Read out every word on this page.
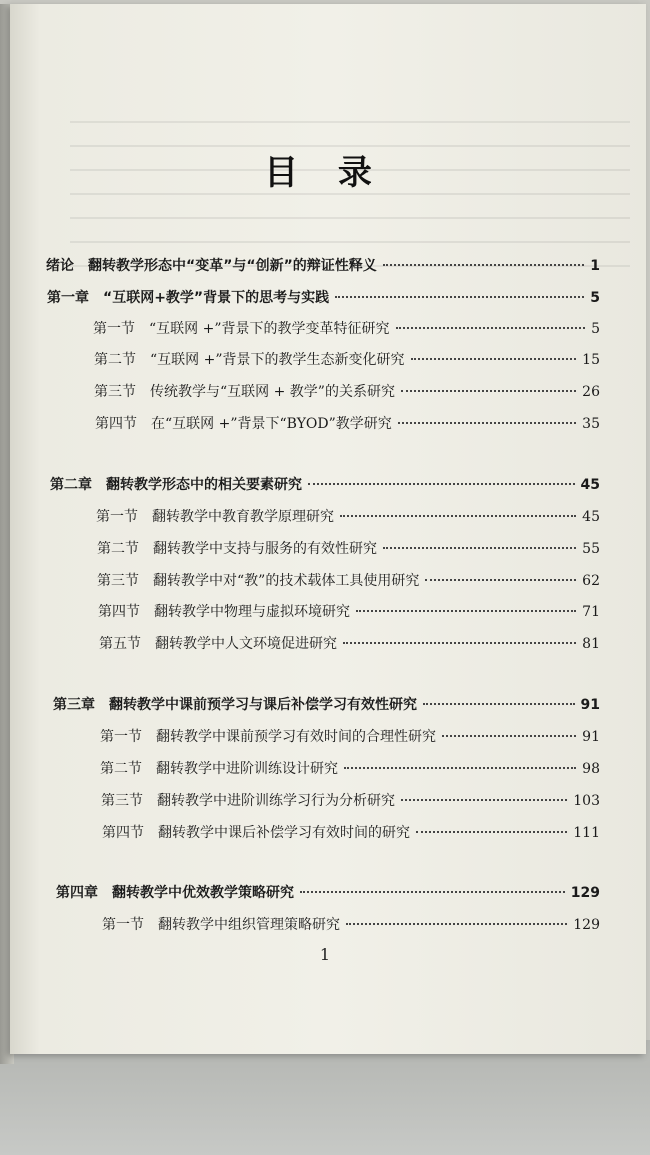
目 录
绪论　翻转教学形态中“变革”与“创新”的辩证性释义	1
第一章　“互联网+教学”背景下的思考与实践	5
第一节　“互联网 +”背景下的教学变革特征研究	5
第二节　“互联网 +”背景下的教学生态新变化研究	15
第三节　传统教学与“互联网 + 教学”的关系研究	26
第四节　在“互联网 +”背景下“BYOD”教学研究	35
第二章　翻转教学形态中的相关要素研究	45
第一节　翻转教学中教育教学原理研究	45
第二节　翻转教学中支持与服务的有效性研究	55
第三节　翻转教学中对“教”的技术载体工具使用研究	62
第四节　翻转教学中物理与虚拟环境研究	71
第五节　翻转教学中人文环境促进研究	81
第三章　翻转教学中课前预学习与课后补偿学习有效性研究	91
第一节　翻转教学中课前预学习有效时间的合理性研究	91
第二节　翻转教学中进阶训练设计研究	98
第三节　翻转教学中进阶训练学习行为分析研究	103
第四节　翻转教学中课后补偿学习有效时间的研究	111
第四章　翻转教学中优效教学策略研究	129
第一节　翻转教学中组织管理策略研究	129
1
